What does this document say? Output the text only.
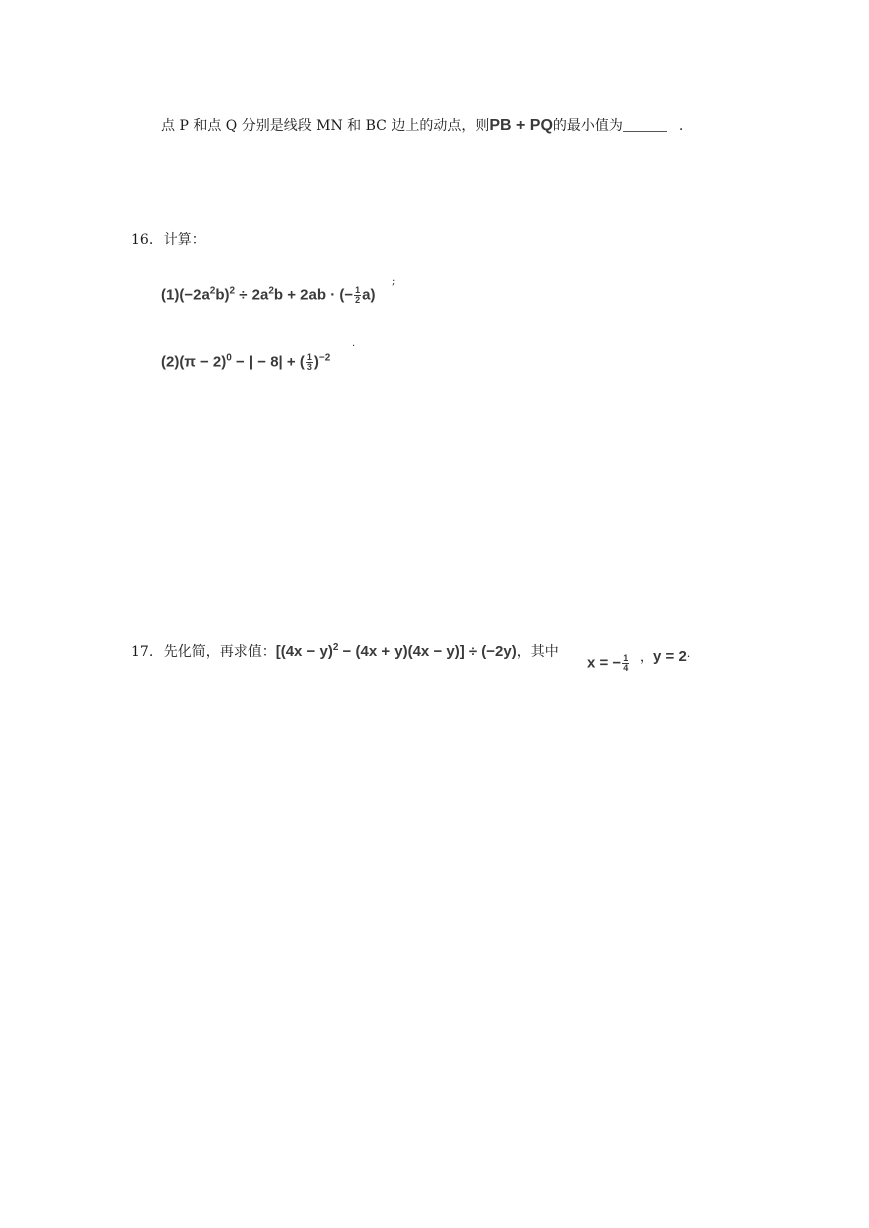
点 P 和点 Q 分别是线段 MN 和 BC 边上的动点，则PB + PQ的最小值为	.
16. 计算：
$(1)(-2a^2b)^2 \div 2a^2b + 2ab$ · (− $\frac{1}{2} a$)
;
$(2)(\pi - 2)^0$ − | − 8| + ( $\frac{1}{3} )^{-2}$
.
17. 先化简，再求值：$[(4x - y)^2 - (4x + y)(4x - y)] \div (-2y)$，其中
x = − $\frac{1}{4}$ ，y = 2.
